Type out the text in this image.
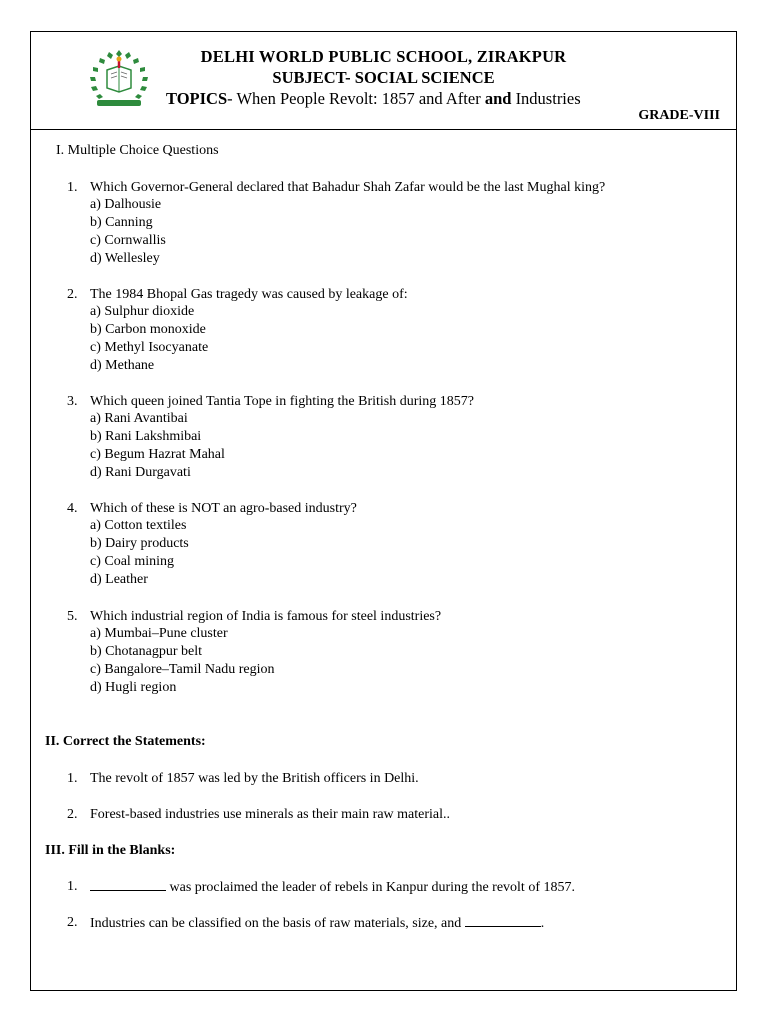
DELHI WORLD PUBLIC SCHOOL, ZIRAKPUR
SUBJECT- SOCIAL SCIENCE
TOPICS- When People Revolt: 1857 and After and Industries
GRADE-VIII
I. Multiple Choice Questions
1. Which Governor-General declared that Bahadur Shah Zafar would be the last Mughal king?
a) Dalhousie
b) Canning
c) Cornwallis
d) Wellesley
2. The 1984 Bhopal Gas tragedy was caused by leakage of:
a) Sulphur dioxide
b) Carbon monoxide
c) Methyl Isocyanate
d) Methane
3. Which queen joined Tantia Tope in fighting the British during 1857?
a) Rani Avantibai
b) Rani Lakshmibai
c) Begum Hazrat Mahal
d) Rani Durgavati
4. Which of these is NOT an agro-based industry?
a) Cotton textiles
b) Dairy products
c) Coal mining
d) Leather
5. Which industrial region of India is famous for steel industries?
a) Mumbai–Pune cluster
b) Chotanagpur belt
c) Bangalore–Tamil Nadu region
d) Hugli region
II. Correct the Statements:
1. The revolt of 1857 was led by the British officers in Delhi.
2. Forest-based industries use minerals as their main raw material..
III. Fill in the Blanks:
1.	was proclaimed the leader of rebels in Kanpur during the revolt of 1857.
2. Industries can be classified on the basis of raw materials, size, and	.
